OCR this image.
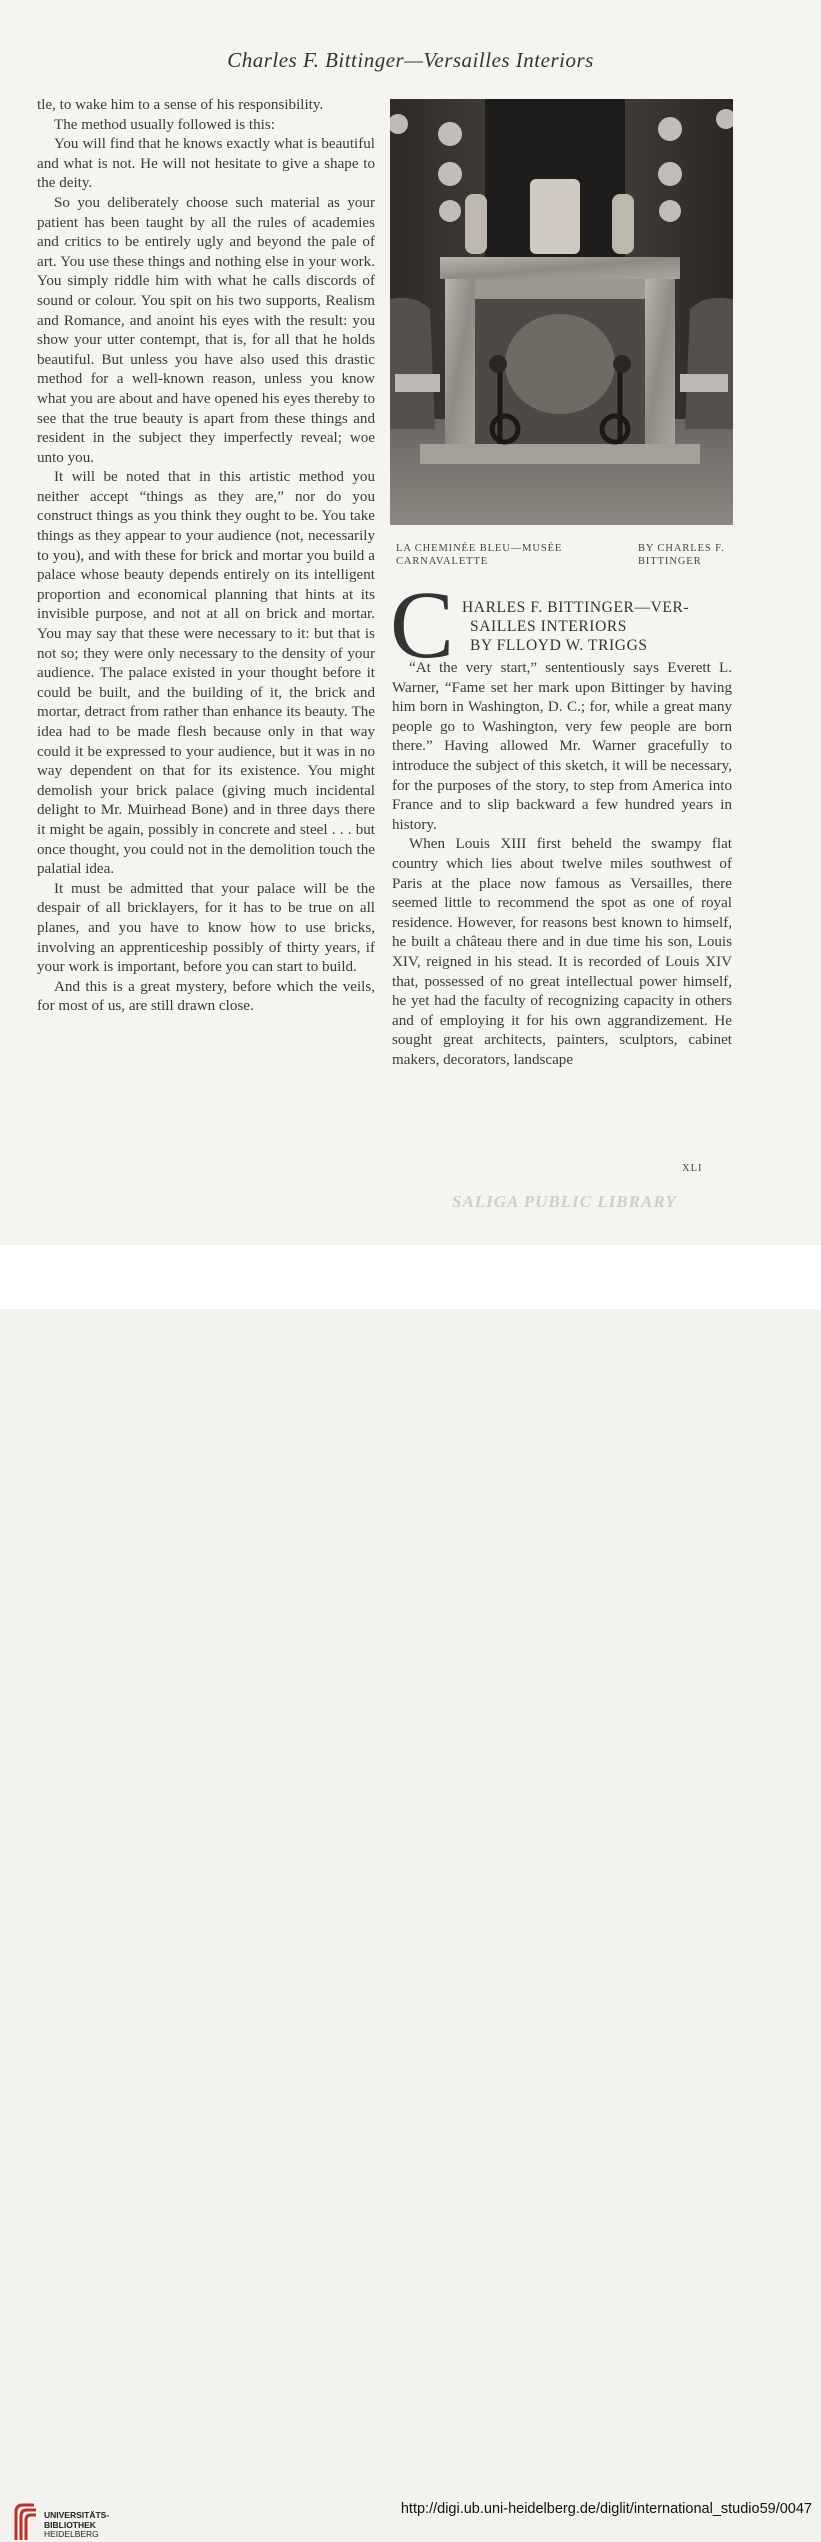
Charles F. Bittinger—Versailles Interiors

tle, to wake him to a sense of his responsibility.

The method usually followed is this:

You will find that he knows exactly what is beautiful and what is not. He will not hesitate to give a shape to the deity.

So you deliberately choose such material as your patient has been taught by all the rules of academies and critics to be entirely ugly and beyond the pale of art. You use these things and nothing else in your work. You simply riddle him with what he calls discords of sound or colour. You spit on his two supports, Realism and Romance, and anoint his eyes with the result: you show your utter contempt, that is, for all that he holds beautiful. But unless you have also used this drastic method for a well-known reason, unless you know what you are about and have opened his eyes thereby to see that the true beauty is apart from these things and resident in the subject they imperfectly reveal; woe unto you.

It will be noted that in this artistic method you neither accept “things as they are,” nor do you construct things as you think they ought to be. You take things as they appear to your audience (not, necessarily to you), and with these for brick and mortar you build a palace whose beauty depends entirely on its intelligent proportion and economical planning that hints at its invisible purpose, and not at all on brick and mortar. You may say that these were necessary to it: but that is not so; they were only necessary to the density of your audience. The palace existed in your thought before it could be built, and the building of it, the brick and mortar, detract from rather than enhance its beauty. The idea had to be made flesh because only in that way could it be expressed to your audience, but it was in no way dependent on that for its existence. You might demolish your brick palace (giving much incidental delight to Mr. Muirhead Bone) and in three days there it might be again, possibly in concrete and steel . . . but once thought, you could not in the demolition touch the palatial idea.

It must be admitted that your palace will be the despair of all bricklayers, for it has to be true on all planes, and you have to know how to use bricks, involving an apprenticeship possibly of thirty years, if your work is important, before you can start to build.

And this is a great mystery, before which the veils, for most of us, are still drawn close.

LA CHEMINÉE BLEU—MUSÉE CARNAVALETTE
BY CHARLES F. BITTINGER
C HARLES F. BITTINGER—VER-
SAILLES INTERIORS
BY FLLOYD W. TRIGGS

“At the very start,” sententiously says Everett L. Warner, “Fame set her mark upon Bittinger by having him born in Washington, D. C.; for, while a great many people go to Washington, very few people are born there.” Having allowed Mr. Warner gracefully to introduce the subject of this sketch, it will be necessary, for the purposes of the story, to step from America into France and to slip backward a few hundred years in history.

When Louis XIII first beheld the swampy flat country which lies about twelve miles southwest of Paris at the place now famous as Versailles, there seemed little to recommend the spot as one of royal residence. However, for reasons best known to himself, he built a château there and in due time his son, Louis XIV, reigned in his stead. It is recorded of Louis XIV that, possessed of no great intellectual power himself, he yet had the faculty of recognizing capacity in others and of employing it for his own aggrandizement. He sought great architects, painters, sculptors, cabinet makers, decorators, landscape

XLI
SALIGA PUBLIC LIBRARY
UNIVERSITÄTS-
BIBLIOTHEK
HEIDELBERG
http://digi.ub.uni-heidelberg.de/diglit/international_studio59/0047
